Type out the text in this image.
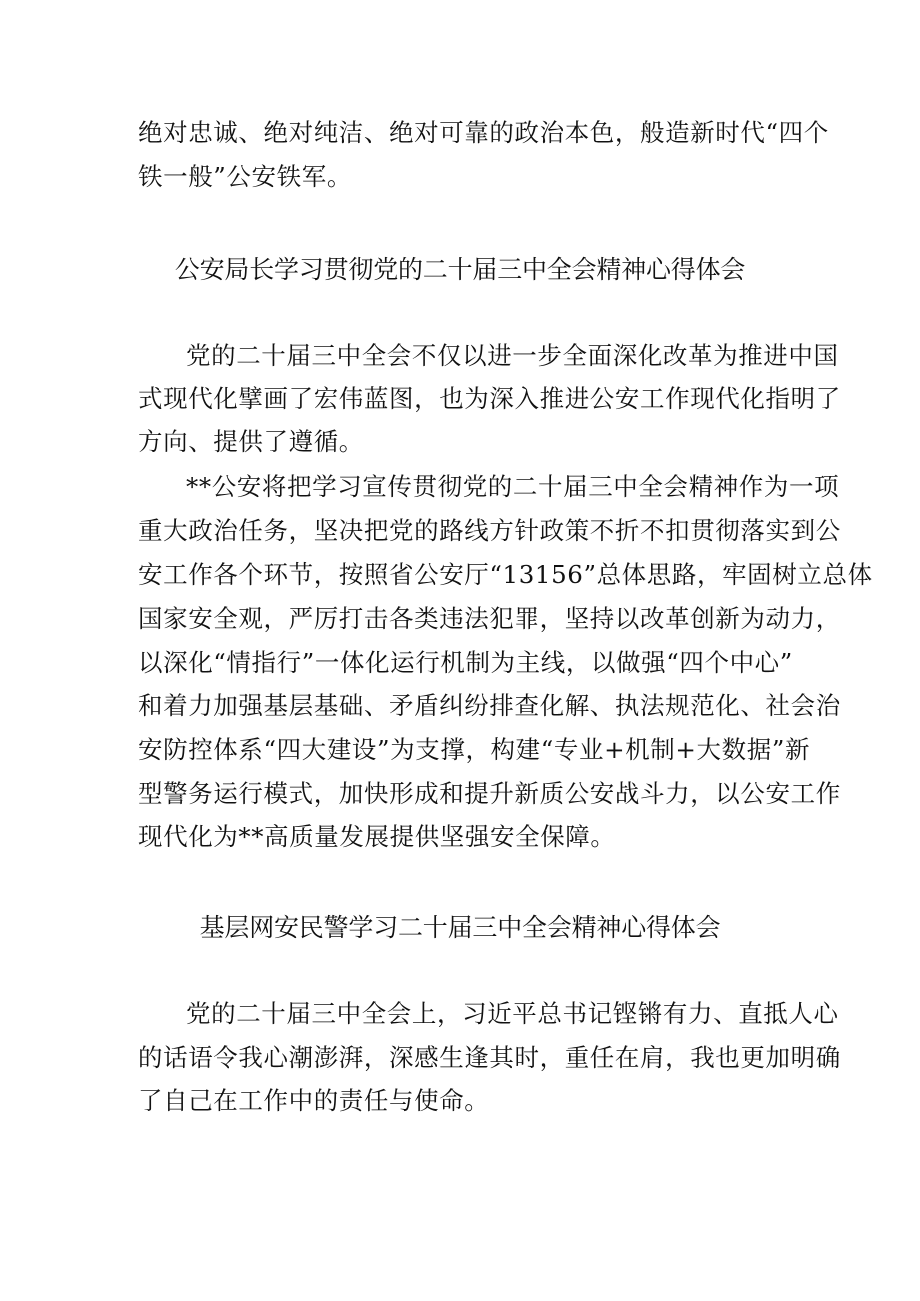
绝对忠诚、绝对纯洁、绝对可靠的政治本色，般造新时代“四个
铁一般”公安铁军。
公安局长学习贯彻党的二十届三中全会精神心得体会
党的二十届三中全会不仅以进一步全面深化改革为推进中国
式现代化擘画了宏伟蓝图，也为深入推进公安工作现代化指明了
方向、提供了遵循。
**公安将把学习宣传贯彻党的二十届三中全会精神作为一项
重大政治任务，坚决把党的路线方针政策不折不扣贯彻落实到公
安工作各个环节，按照省公安厅“13156”总体思路，牢固树立总体
国家安全观，严厉打击各类违法犯罪，坚持以改革创新为动力，
以深化“情指行”一体化运行机制为主线，以做强“四个中心”
和着力加强基层基础、矛盾纠纷排查化解、执法规范化、社会治
安防控体系“四大建设”为支撑，构建“专业+机制+大数据”新
型警务运行模式，加快形成和提升新质公安战斗力，以公安工作
现代化为**高质量发展提供坚强安全保障。
基层网安民警学习二十届三中全会精神心得体会
党的二十届三中全会上，习近平总书记铿锵有力、直抵人心
的话语令我心潮澎湃，深感生逢其时，重任在肩，我也更加明确
了自己在工作中的责任与使命。
